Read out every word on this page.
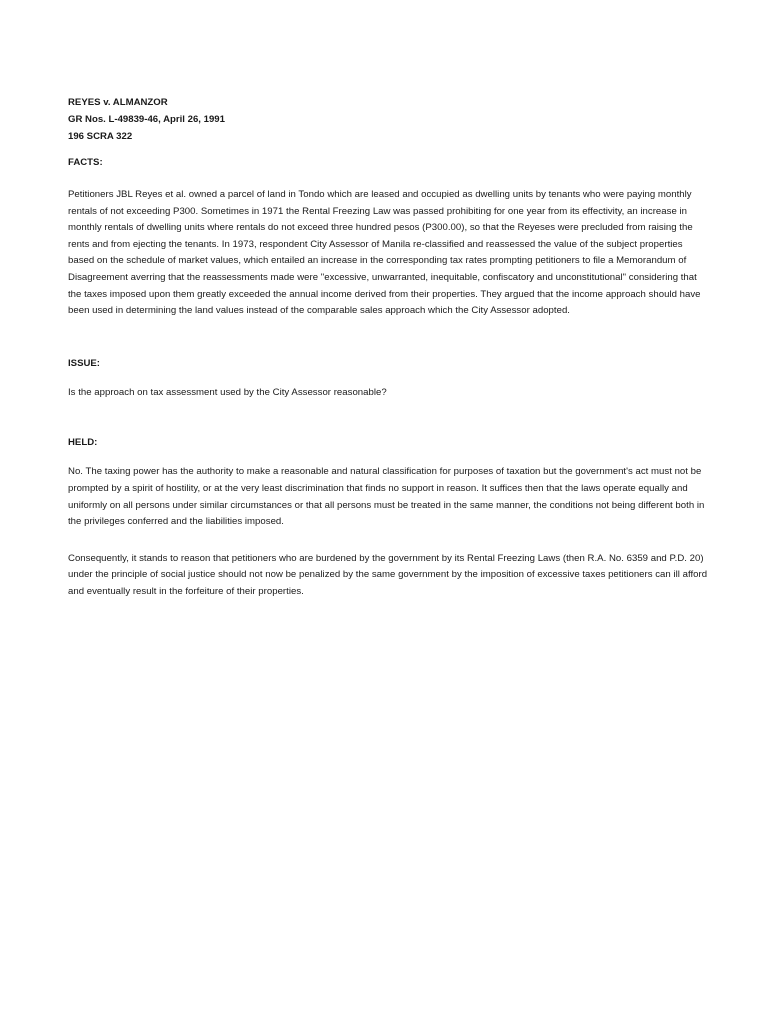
REYES v. ALMANZOR

GR Nos. L-49839-46, April 26, 1991

196 SCRA 322

FACTS:

Petitioners JBL Reyes et al. owned a parcel of land in Tondo which are leased and occupied as dwelling units by tenants who were paying monthly rentals of not exceeding P300. Sometimes in 1971 the Rental Freezing Law was passed prohibiting for one year from its effectivity, an increase in monthly rentals of dwelling units where rentals do not exceed three hundred pesos (P300.00), so that the Reyeses were precluded from raising the rents and from ejecting the tenants. In 1973, respondent City Assessor of Manila re-classified and reassessed the value of the subject properties based on the schedule of market values, which entailed an increase in the corresponding tax rates prompting petitioners to file a Memorandum of Disagreement averring that the reassessments made were "excessive, unwarranted, inequitable, confiscatory and unconstitutional" considering that the taxes imposed upon them greatly exceeded the annual income derived from their properties. They argued that the income approach should have been used in determining the land values instead of the comparable sales approach which the City Assessor adopted.

ISSUE:

Is the approach on tax assessment used by the City Assessor reasonable?

HELD:

No. The taxing power has the authority to make a reasonable and natural classification for purposes of taxation but the government's act must not be prompted by a spirit of hostility, or at the very least discrimination that finds no support in reason. It suffices then that the laws operate equally and uniformly on all persons under similar circumstances or that all persons must be treated in the same manner, the conditions not being different both in the privileges conferred and the liabilities imposed.

Consequently, it stands to reason that petitioners who are burdened by the government by its Rental Freezing Laws (then R.A. No. 6359 and P.D. 20) under the principle of social justice should not now be penalized by the same government by the imposition of excessive taxes petitioners can ill afford and eventually result in the forfeiture of their properties.
